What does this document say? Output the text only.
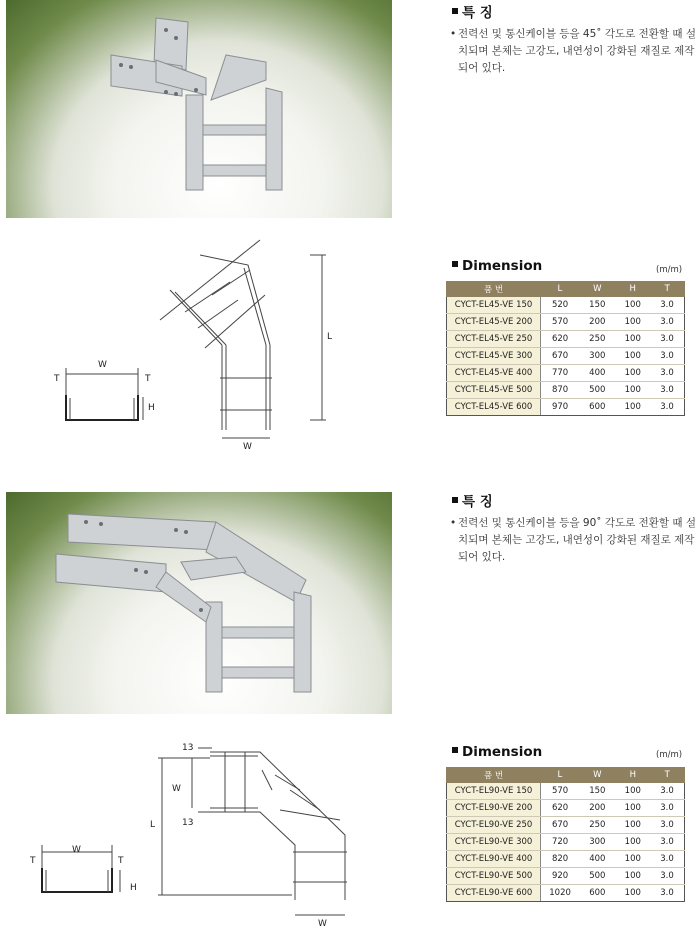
특 징
• 전력선 및 통신케이블 등을 45˚ 각도로 전환할 때 설치되며 본체는 고강도, 내연성이 강화된 재질로 제작되어 있다.
W
T	T
H
L
W
Dimension	(m/m)
품 번	L	W	H	T
CYCT-EL45-VE 150	520	150	100	3.0
CYCT-EL45-VE 200	570	200	100	3.0
CYCT-EL45-VE 250	620	250	100	3.0
CYCT-EL45-VE 300	670	300	100	3.0
CYCT-EL45-VE 400	770	400	100	3.0
CYCT-EL45-VE 500	870	500	100	3.0
CYCT-EL45-VE 600	970	600	100	3.0
특 징
• 전력선 및 통신케이블 등을 90˚ 각도로 전환할 때 설치되며 본체는 고강도, 내연성이 강화된 재질로 제작되어 있다.
W
T	T
H
L
W
13
13
W
Dimension	(m/m)
품 번	L	W	H	T
CYCT-EL90-VE 150	570	150	100	3.0
CYCT-EL90-VE 200	620	200	100	3.0
CYCT-EL90-VE 250	670	250	100	3.0
CYCT-EL90-VE 300	720	300	100	3.0
CYCT-EL90-VE 400	820	400	100	3.0
CYCT-EL90-VE 500	920	500	100	3.0
CYCT-EL90-VE 600	1020	600	100	3.0
